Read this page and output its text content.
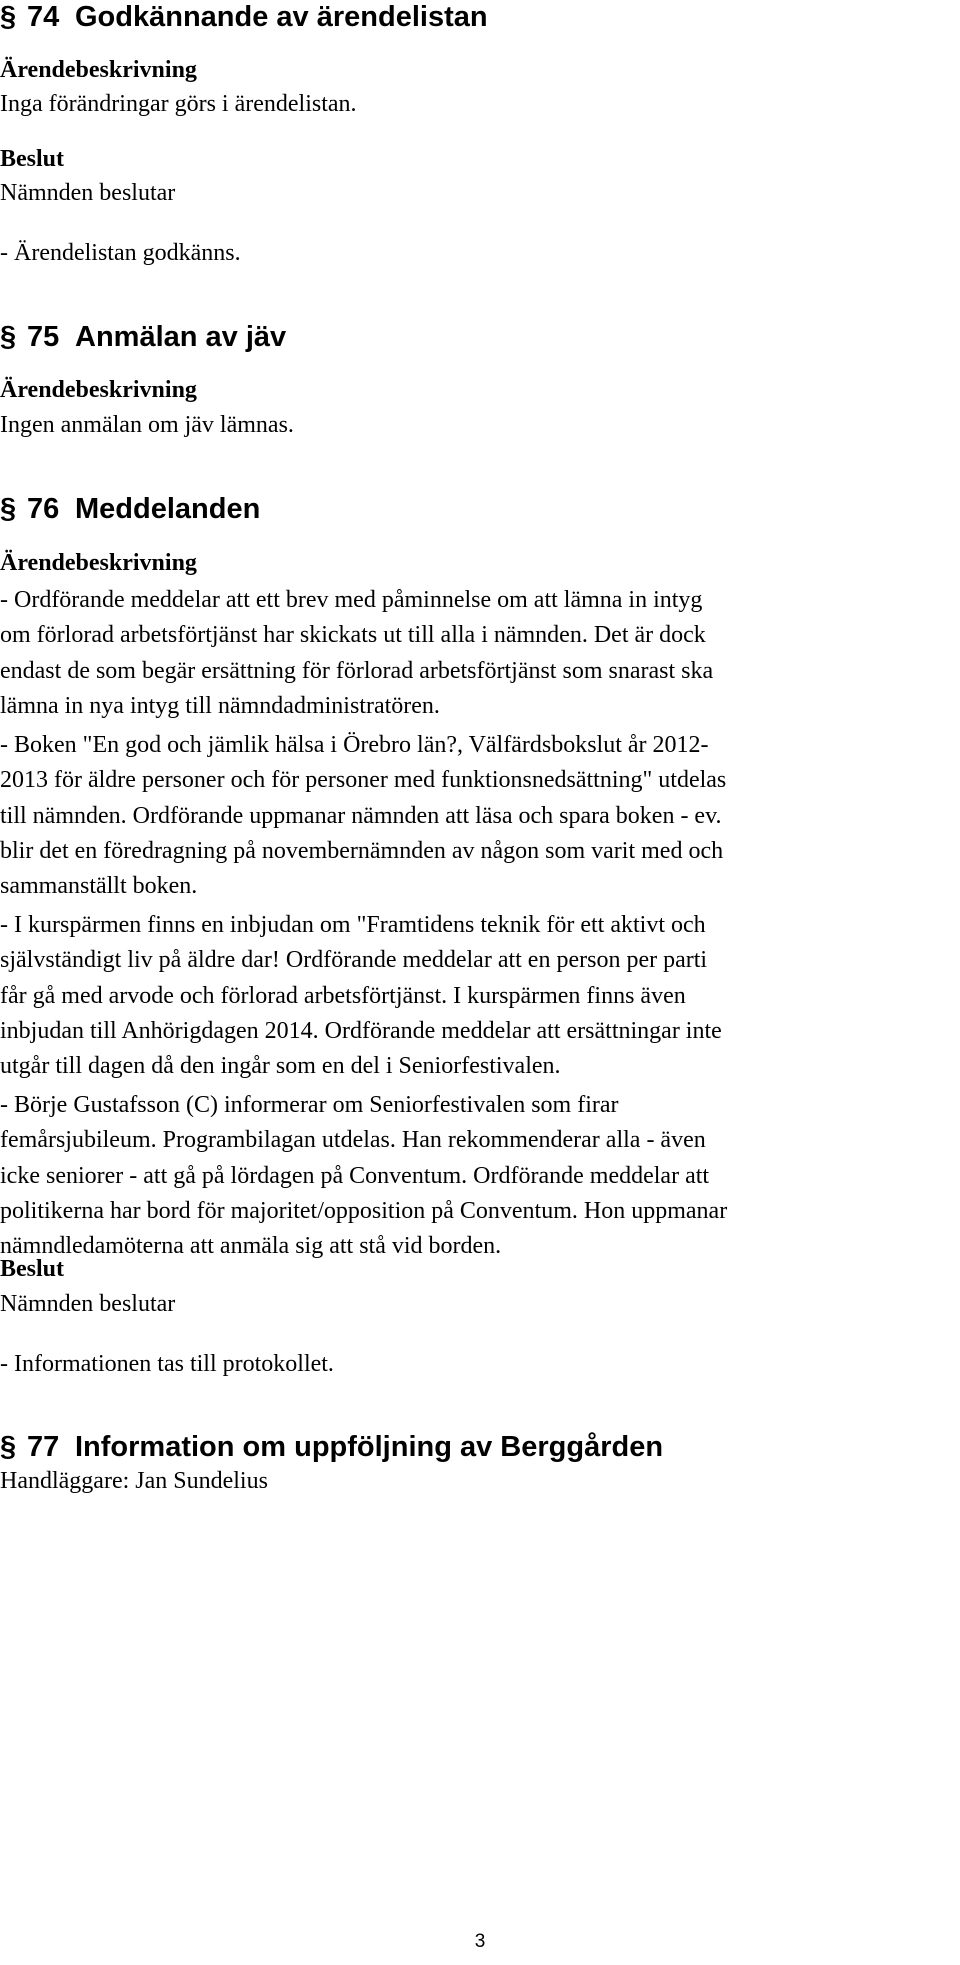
§ 74 Godkännande av ärendelistan
Ärendebeskrivning
Inga förändringar görs i ärendelistan.
Beslut
Nämnden beslutar
- Ärendelistan godkänns.
§ 75 Anmälan av jäv
Ärendebeskrivning
Ingen anmälan om jäv lämnas.
§ 76 Meddelanden
Ärendebeskrivning
- Ordförande meddelar att ett brev med påminnelse om att lämna in intyg
om förlorad arbetsförtjänst har skickats ut till alla i nämnden. Det är dock
endast de som begär ersättning för förlorad arbetsförtjänst som snarast ska
lämna in nya intyg till nämndadministratören.
- Boken "En god och jämlik hälsa i Örebro län?, Välfärdsbokslut år 2012-
2013 för äldre personer och för personer med funktionsnedsättning" utdelas
till nämnden. Ordförande uppmanar nämnden att läsa och spara boken - ev.
blir det en föredragning på novembernämnden av någon som varit med och
sammanställt boken.
- I kurspärmen finns en inbjudan om "Framtidens teknik för ett aktivt och
självständigt liv på äldre dar! Ordförande meddelar att en person per parti
får gå med arvode och förlorad arbetsförtjänst. I kurspärmen finns även
inbjudan till Anhörigdagen 2014. Ordförande meddelar att ersättningar inte
utgår till dagen då den ingår som en del i Seniorfestivalen.
- Börje Gustafsson (C) informerar om Seniorfestivalen som firar
femårsjubileum. Programbilagan utdelas. Han rekommenderar alla - även
icke seniorer - att gå på lördagen på Conventum. Ordförande meddelar att
politikerna har bord för majoritet/opposition på Conventum. Hon uppmanar
nämndledamöterna att anmäla sig att stå vid borden.
Beslut
Nämnden beslutar
- Informationen tas till protokollet.
§ 77 Information om uppföljning av Berggården
Handläggare: Jan Sundelius
3
